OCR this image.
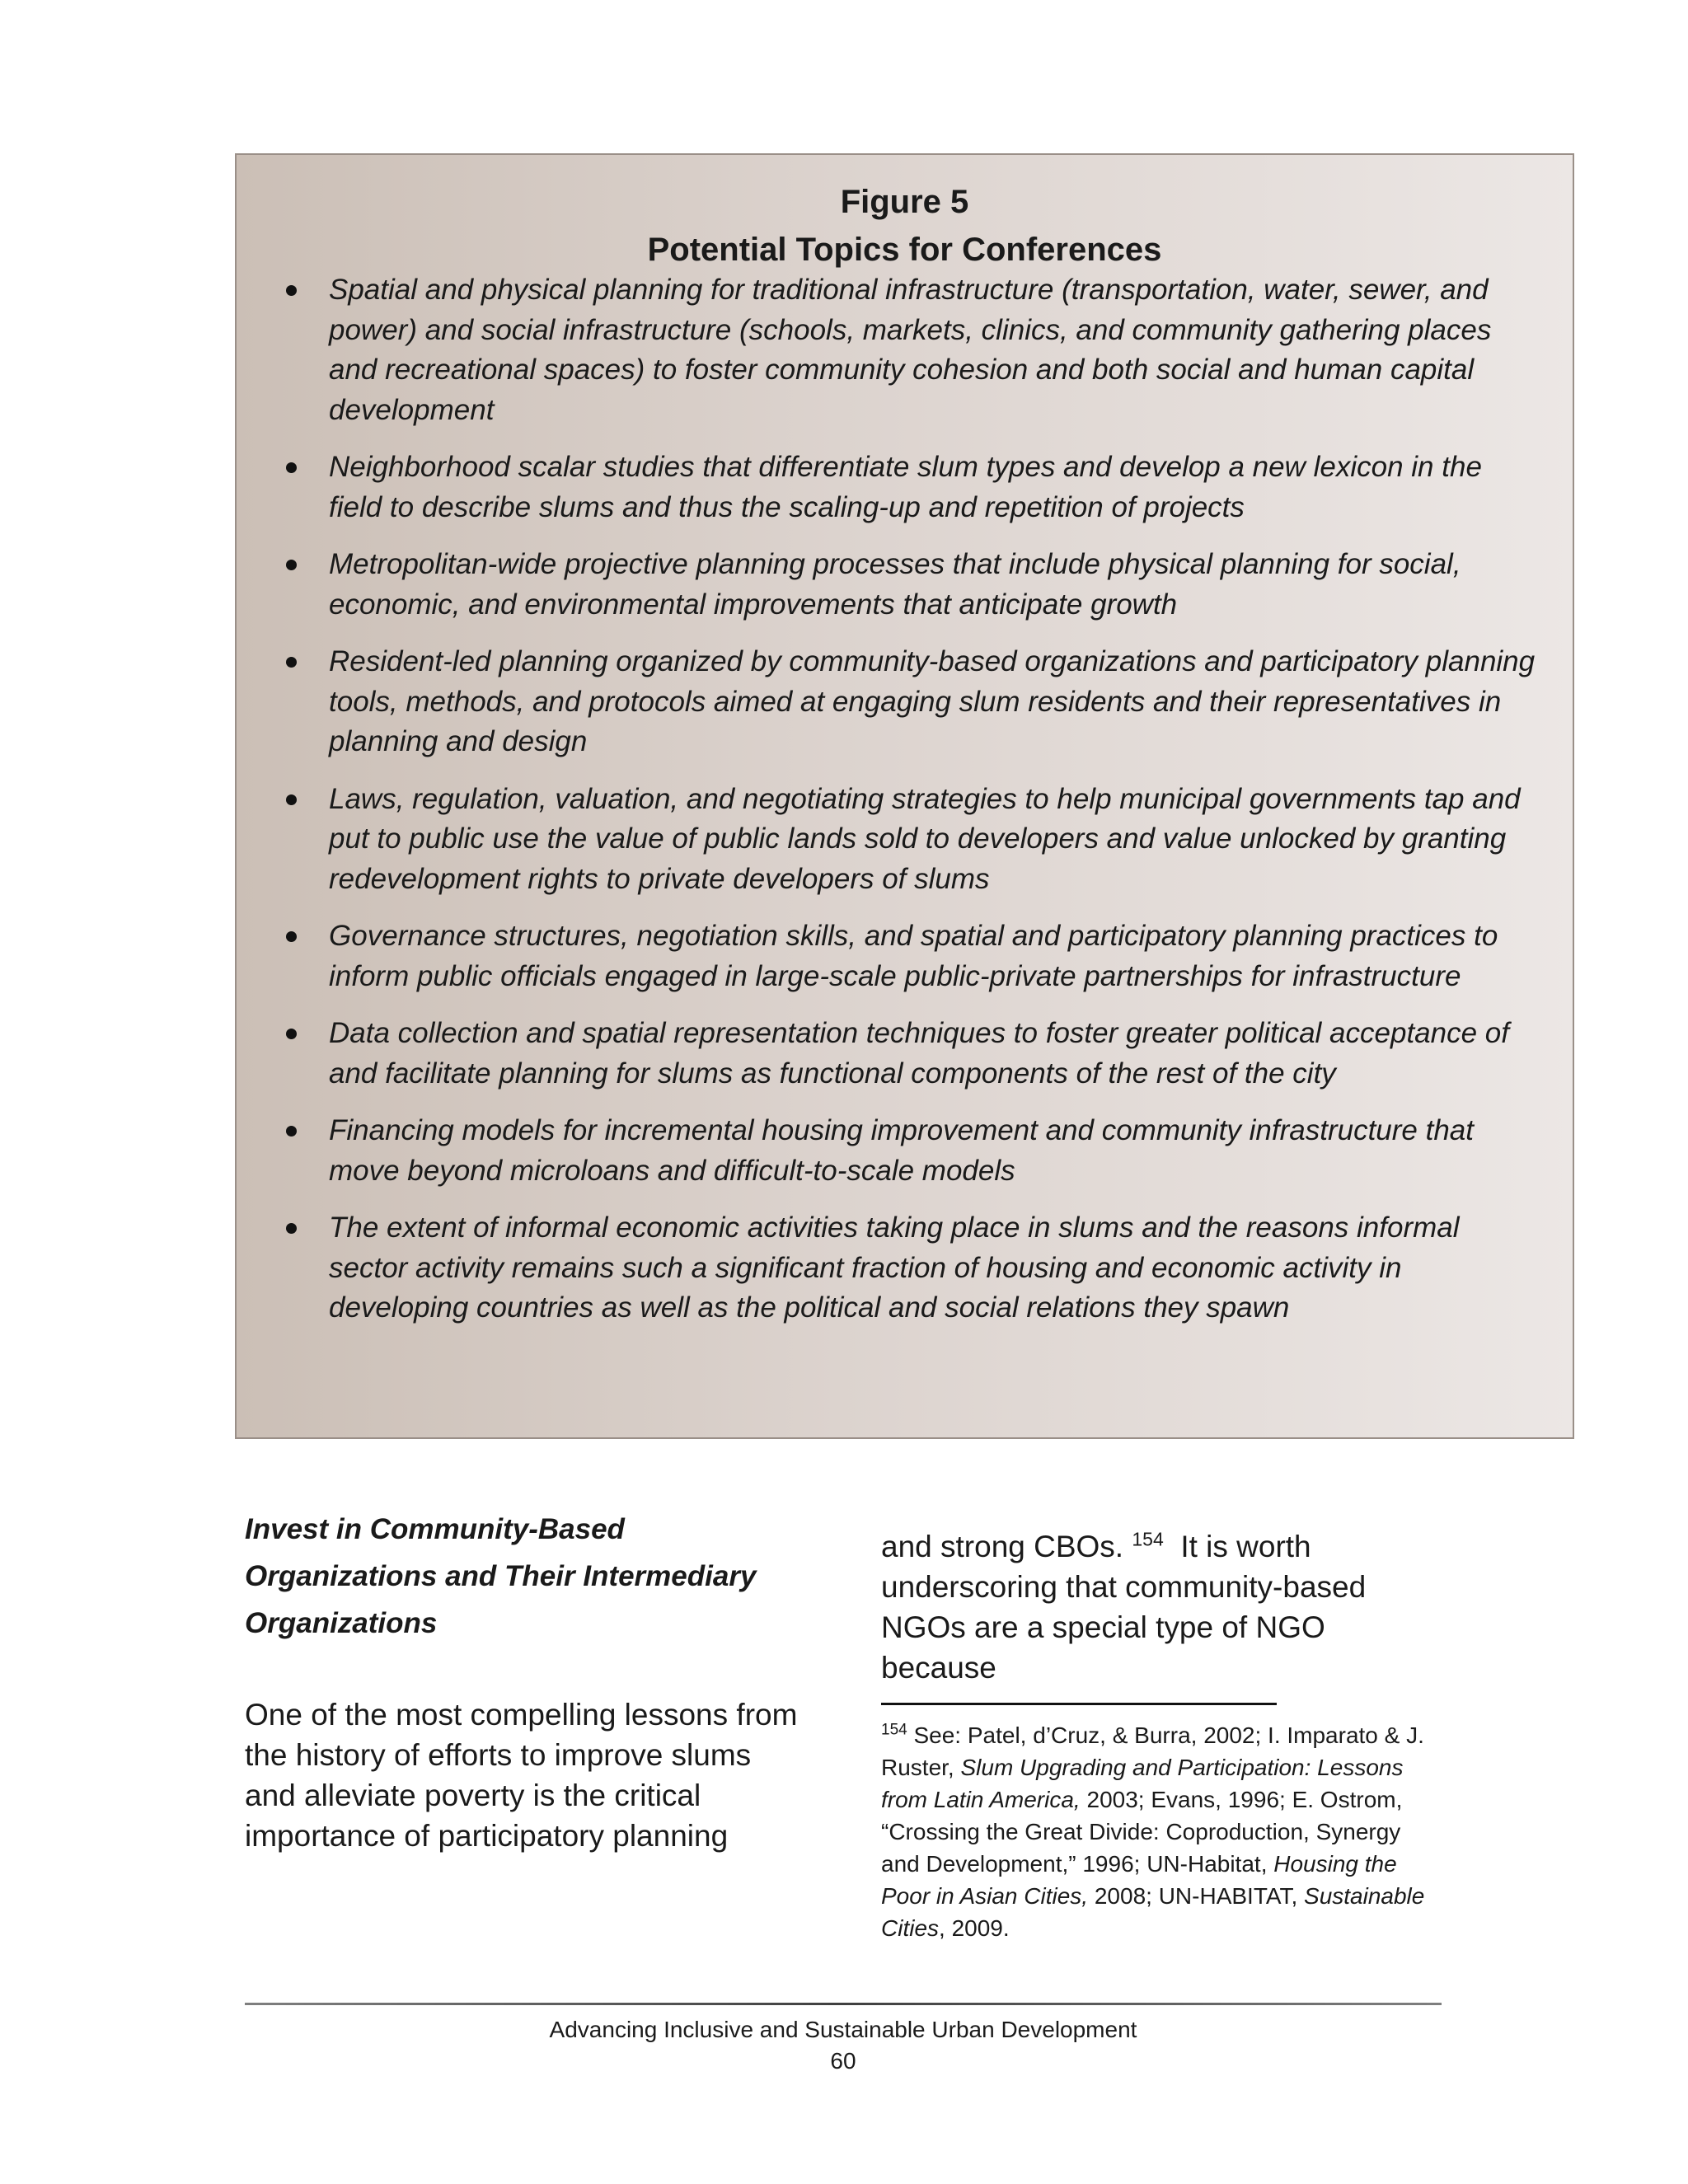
Figure 5
Potential Topics for Conferences
Spatial and physical planning for traditional infrastructure (transportation, water, sewer, and power) and social infrastructure (schools, markets, clinics, and community gathering places and recreational spaces) to foster community cohesion and both social and human capital development
Neighborhood scalar studies that differentiate slum types and develop a new lexicon in the field to describe slums and thus the scaling-up and repetition of projects
Metropolitan-wide projective planning processes that include physical planning for social, economic, and environmental improvements that anticipate growth
Resident-led planning organized by community-based organizations and participatory planning tools, methods, and protocols aimed at engaging slum residents and their representatives in planning and design
Laws, regulation, valuation, and negotiating strategies to help municipal governments tap and put to public use the value of public lands sold to developers and value unlocked by granting redevelopment rights to private developers of slums
Governance structures, negotiation skills, and spatial and participatory planning practices to inform public officials engaged in large-scale public-private partnerships for infrastructure
Data collection and spatial representation techniques to foster greater political acceptance of and facilitate planning for slums as functional components of the rest of the city
Financing models for incremental housing improvement and community infrastructure that move beyond microloans and difficult-to-scale models
The extent of informal economic activities taking place in slums and the reasons informal sector activity remains such a significant fraction of housing and economic activity in developing countries as well as the political and social relations they spawn
Invest in Community-Based
Organizations and Their Intermediary
Organizations

One of the most compelling lessons from the history of efforts to improve slums and alleviate poverty is the critical importance of participatory planning

and strong CBOs. $^{154}$ It is worth underscoring that community-based NGOs are a special type of NGO because

$^{154}$ See: Patel, d’Cruz, & Burra, 2002; I. Imparato & J. Ruster, Slum Upgrading and Participation: Lessons from Latin America, 2003; Evans, 1996; E. Ostrom, “Crossing the Great Divide: Coproduction, Synergy and Development,” 1996; UN-Habitat, Housing the Poor in Asian Cities, 2008; UN-HABITAT, Sustainable Cities, 2009.
Advancing Inclusive and Sustainable Urban Development
60
